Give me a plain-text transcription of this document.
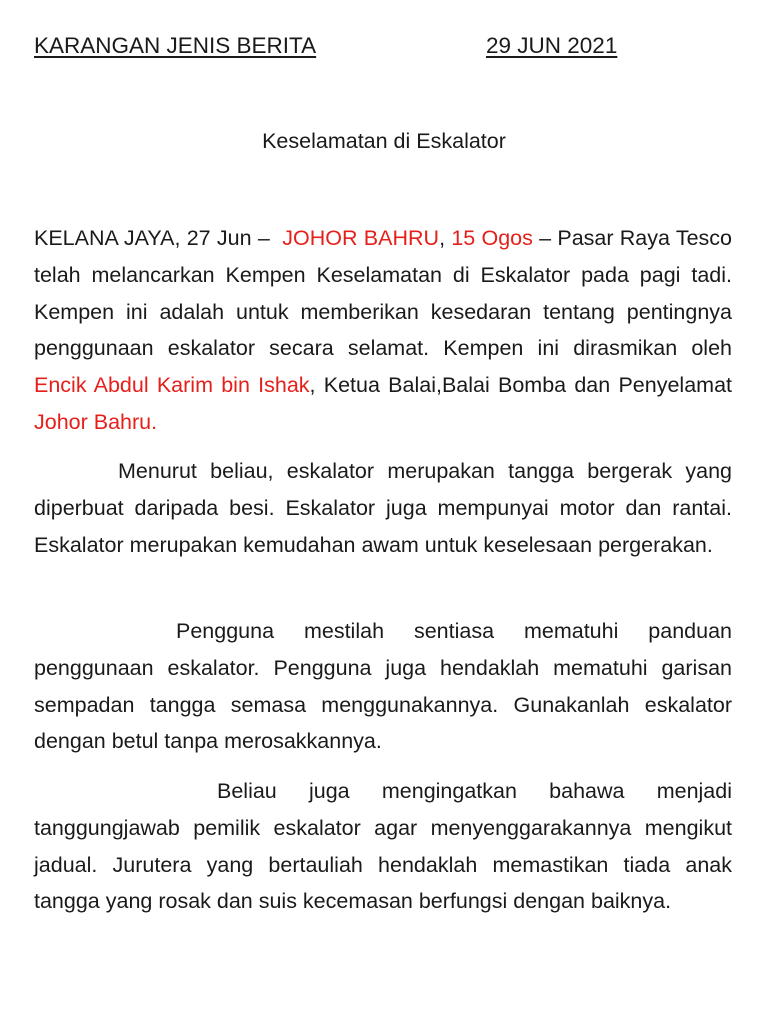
KARANGAN JENIS BERITA	29 JUN 2021
Keselamatan di Eskalator

KELANA JAYA, 27 Jun – JOHOR BAHRU, 15 Ogos – Pasar Raya Tesco telah melancarkan Kempen Keselamatan di Eskalator pada pagi tadi. Kempen ini adalah untuk memberikan kesedaran tentang pentingnya penggunaan eskalator secara selamat. Kempen ini dirasmikan oleh Encik Abdul Karim bin Ishak, Ketua Balai,Balai Bomba dan Penyelamat Johor Bahru.

Menurut beliau, eskalator merupakan tangga bergerak yang diperbuat daripada besi. Eskalator juga mempunyai motor dan rantai. Eskalator merupakan kemudahan awam untuk keselesaan pergerakan.

Pengguna mestilah sentiasa mematuhi panduan penggunaan eskalator. Pengguna juga hendaklah mematuhi garisan sempadan tangga semasa menggunakannya. Gunakanlah eskalator dengan betul tanpa merosakkannya.

Beliau juga mengingatkan bahawa menjadi tanggungjawab pemilik eskalator agar menyenggarakannya mengikut jadual. Jurutera yang bertauliah hendaklah memastikan tiada anak tangga yang rosak dan suis kecemasan berfungsi dengan baiknya.
